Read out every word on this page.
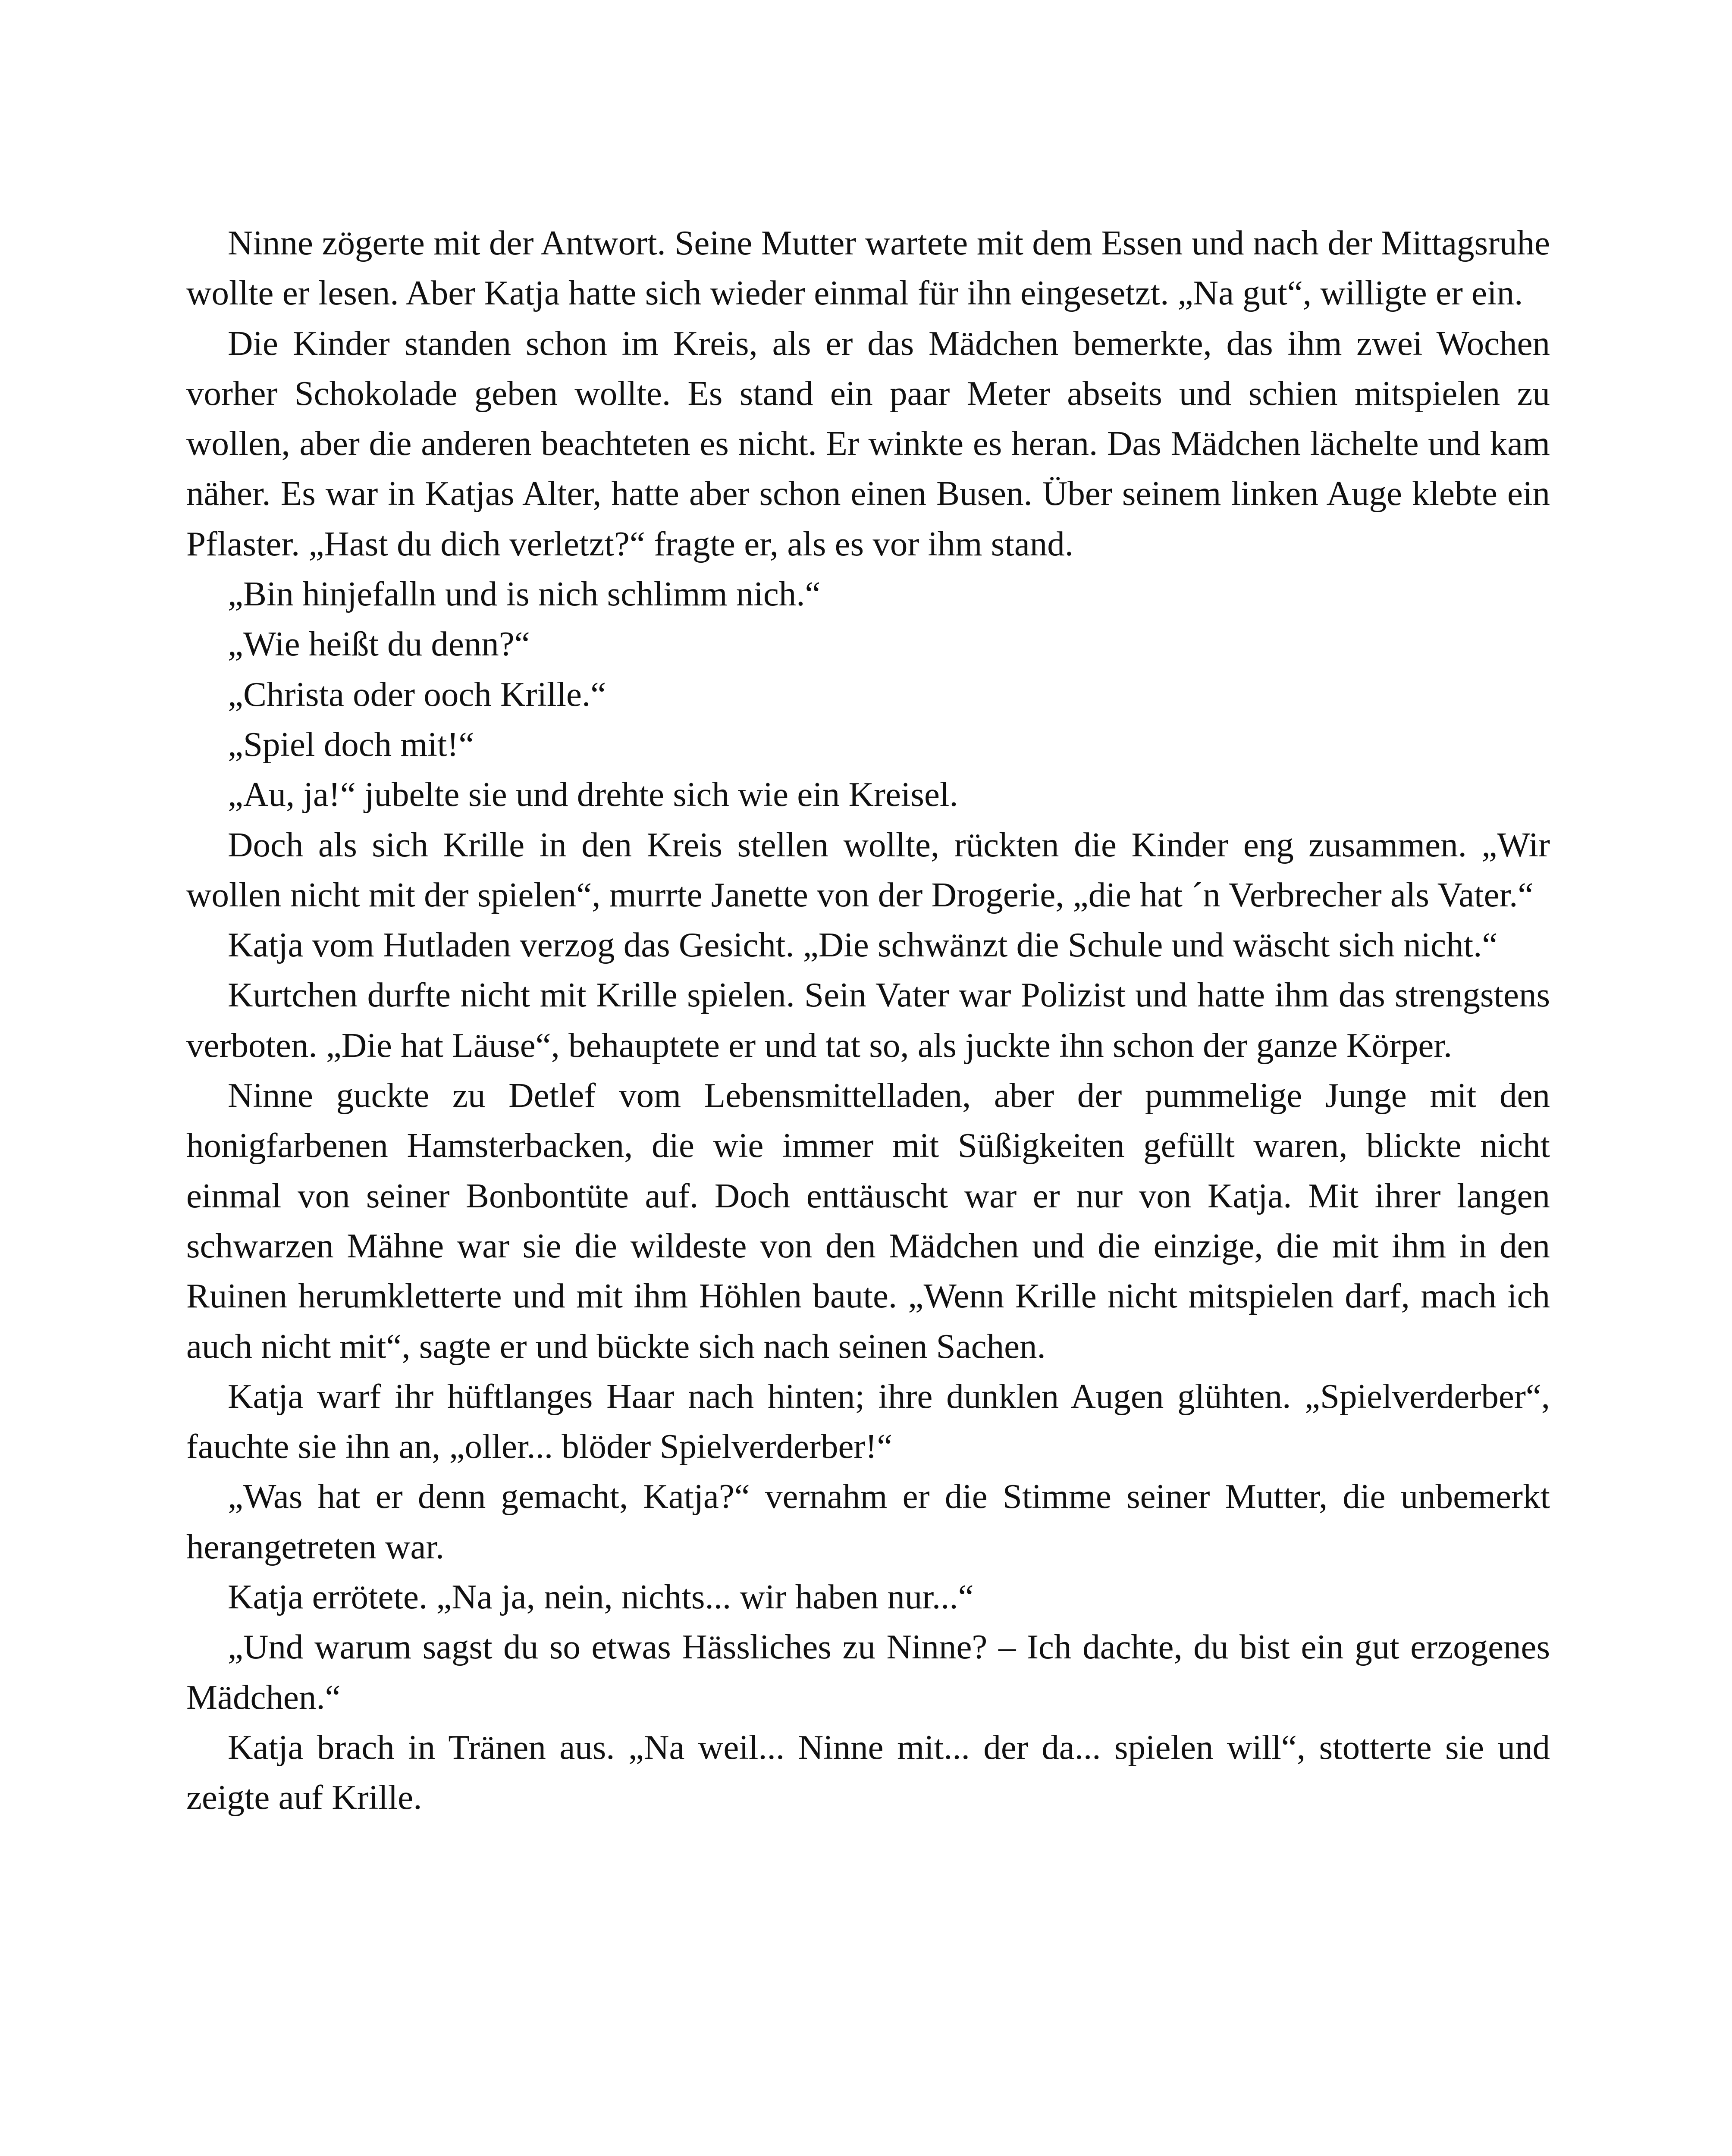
Ninne zögerte mit der Antwort. Seine Mutter wartete mit dem Essen und nach der Mittagsruhe wollte er lesen. Aber Katja hatte sich wieder einmal für ihn eingesetzt. „Na gut“, willigte er ein.

Die Kinder standen schon im Kreis, als er das Mädchen bemerkte, das ihm zwei Wochen vorher Schokolade geben wollte. Es stand ein paar Meter abseits und schien mitspielen zu wollen, aber die anderen beachteten es nicht. Er winkte es heran. Das Mädchen lächelte und kam näher. Es war in Katjas Alter, hatte aber schon einen Busen. Über seinem linken Auge klebte ein Pflaster. „Hast du dich verletzt?“ fragte er, als es vor ihm stand.

„Bin hinjefalln und is nich schlimm nich.“

„Wie heißt du denn?“

„Christa oder ooch Krille.“

„Spiel doch mit!“

„Au, ja!“ jubelte sie und drehte sich wie ein Kreisel.

Doch als sich Krille in den Kreis stellen wollte, rückten die Kinder eng zusammen. „Wir wollen nicht mit der spielen“, murrte Janette von der Drogerie, „die hat ´n Verbrecher als Vater.“

Katja vom Hutladen verzog das Gesicht. „Die schwänzt die Schule und wäscht sich nicht.“

Kurtchen durfte nicht mit Krille spielen. Sein Vater war Polizist und hatte ihm das strengstens verboten. „Die hat Läuse“, behauptete er und tat so, als juckte ihn schon der ganze Körper.

Ninne guckte zu Detlef vom Lebensmittelladen, aber der pummelige Junge mit den honigfarbenen Hamsterbacken, die wie immer mit Süßigkeiten gefüllt waren, blickte nicht einmal von seiner Bonbontüte auf. Doch enttäuscht war er nur von Katja. Mit ihrer langen schwarzen Mähne war sie die wildeste von den Mädchen und die einzige, die mit ihm in den Ruinen herumkletterte und mit ihm Höhlen baute. „Wenn Krille nicht mitspielen darf, mach ich auch nicht mit“, sagte er und bückte sich nach seinen Sachen.

Katja warf ihr hüftlanges Haar nach hinten; ihre dunklen Augen glühten. „Spielverderber“, fauchte sie ihn an, „oller... blöder Spielverderber!“

„Was hat er denn gemacht, Katja?“ vernahm er die Stimme seiner Mutter, die unbemerkt herangetreten war.

Katja errötete. „Na ja, nein, nichts... wir haben nur...“

„Und warum sagst du so etwas Hässliches zu Ninne? – Ich dachte, du bist ein gut erzogenes Mädchen.“

Katja brach in Tränen aus. „Na weil... Ninne mit... der da... spielen will“, stotterte sie und zeigte auf Krille.
